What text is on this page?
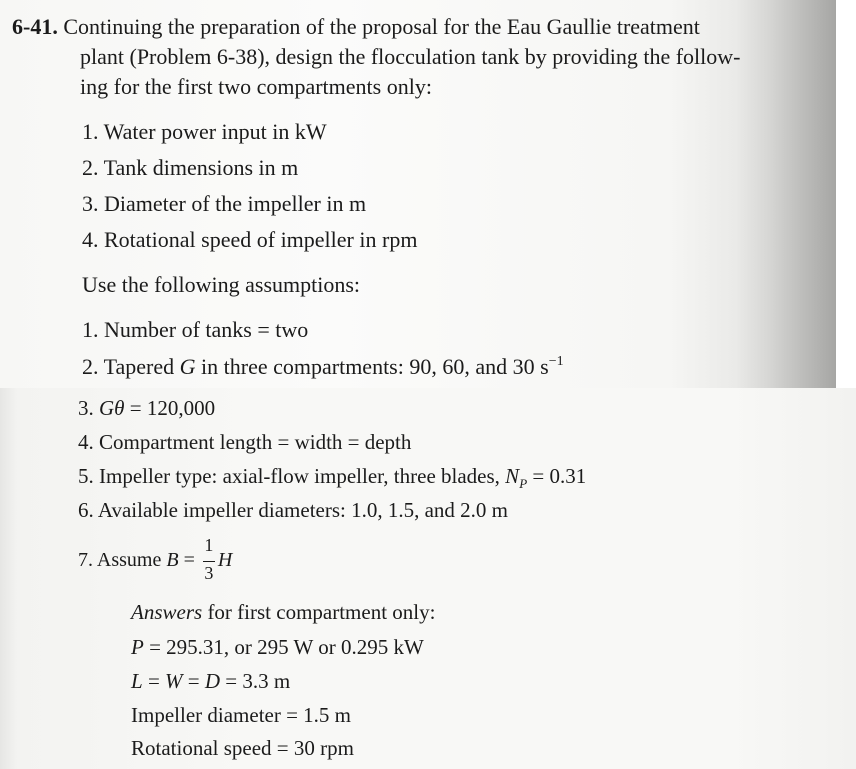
6-41. Continuing the preparation of the proposal for the Eau Gaullie treatment
plant (Problem 6-38), design the flocculation tank by providing the follow-
ing for the first two compartments only:
1. Water power input in kW
2. Tank dimensions in m
3. Diameter of the impeller in m
4. Rotational speed of impeller in rpm
Use the following assumptions:
1. Number of tanks = two
2. Tapered G in three compartments: 90, 60, and 30 $s^{-1}$
3. Gθ = 120,000
4. Compartment length = width = depth
5. Impeller type: axial-flow impeller, three blades, $N_P = 0.31$
6. Available impeller diameters: 1.0, 1.5, and 2.0 m
7. Assume $B = \frac{1}{3}$ H
Answers for first compartment only:
P = 295.31, or 295 W or 0.295 kW
L = W = D = 3.3 m
Impeller diameter = 1.5 m
Rotational speed = 30 rpm
